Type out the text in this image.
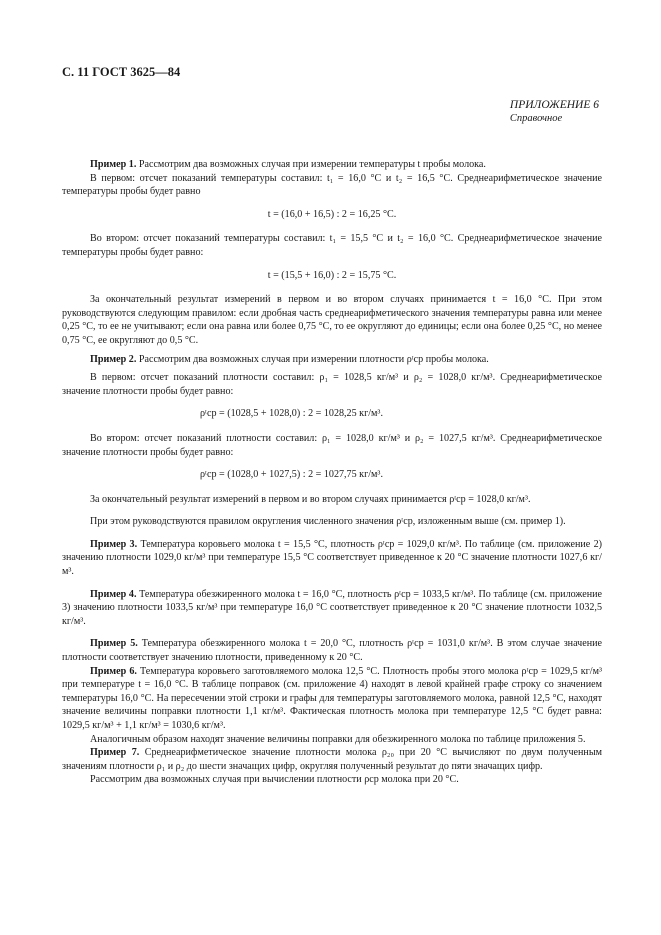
С. 11 ГОСТ 3625—84
ПРИЛОЖЕНИЕ 6
Справочное

Пример 1. Рассмотрим два возможных случая при измерении температуры t пробы молока.

В первом: отсчет показаний температуры составил: t₁ = 16,0 °С и t₂ = 16,5 °С. Среднеарифметическое значение температуры пробы будет равно

t = (16,0 + 16,5) : 2 = 16,25 °С.

Во втором: отсчет показаний температуры составил: t₁ = 15,5 °С и t₂ = 16,0 °С. Среднеарифметическое значение температуры пробы будет равно:

t = (15,5 + 16,0) : 2 = 15,75 °С.

За окончательный результат измерений в первом и во втором случаях принимается t = 16,0 °С. При этом руководствуются следующим правилом: если дробная часть среднеарифметического значения температуры равна или менее 0,25 °С, то ее не учитывают; если она равна или более 0,75 °С, то ее округляют до единицы; если она более 0,25 °С, но менее 0,75 °С, ее округляют до 0,5 °С.

Пример 2. Рассмотрим два возможных случая при измерении плотности ρᵗср пробы молока.

В первом: отсчет показаний плотности составил: ρ₁ = 1028,5 кг/м³ и ρ₂ = 1028,0 кг/м³. Среднеарифметическое значение плотности пробы будет равно:

ρᵗср = (1028,5 + 1028,0) : 2 = 1028,25 кг/м³.

Во втором: отсчет показаний плотности составил: ρ₁ = 1028,0 кг/м³ и ρ₂ = 1027,5 кг/м³. Среднеарифметическое значение плотности пробы будет равно:

ρᵗср = (1028,0 + 1027,5) : 2 = 1027,75 кг/м³.

За окончательный результат измерений в первом и во втором случаях принимается ρᵗср = 1028,0 кг/м³.

При этом руководствуются правилом округления численного значения ρᵗср, изложенным выше (см. пример 1).

Пример 3. Температура коровьего молока t = 15,5 °С, плотность ρᵗср = 1029,0 кг/м³. По таблице (см. приложение 2) значению плотности 1029,0 кг/м³ при температуре 15,5 °С соответствует приведенное к 20 °С значение плотности 1027,6 кг/м³.

Пример 4. Температура обезжиренного молока t = 16,0 °С, плотность ρᵗср = 1033,5 кг/м³. По таблице (см. приложение 3) значению плотности 1033,5 кг/м³ при температуре 16,0 °С соответствует приведенное к 20 °С значение плотности 1032,5 кг/м³.

Пример 5. Температура обезжиренного молока t = 20,0 °С, плотность ρᵗср = 1031,0 кг/м³. В этом случае значение плотности соответствует значению плотности, приведенному к 20 °С.

Пример 6. Температура коровьего заготовляемого молока 12,5 °С. Плотность пробы этого молока ρᵗср = 1029,5 кг/м³ при температуре t = 16,0 °С. В таблице поправок (см. приложение 4) находят в левой крайней графе строку со значением температуры 16,0 °С. На пересечении этой строки и графы для температуры заготовляемого молока, равной 12,5 °С, находят значение величины поправки плотности 1,1 кг/м³. Фактическая плотность молока при температуре 12,5 °С будет равна: 1029,5 кг/м³ + 1,1 кг/м³ = 1030,6 кг/м³.

Аналогичным образом находят значение величины поправки для обезжиренного молока по таблице приложения 5.

Пример 7. Среднеарифметическое значение плотности молока ρ₂₀ при 20 °С вычисляют по двум полученным значениям плотности ρ₁ и ρ₂ до шести значащих цифр, округляя полученный результат до пяти значащих цифр.

Рассмотрим два возможных случая при вычислении плотности ρср молока при 20 °С.
